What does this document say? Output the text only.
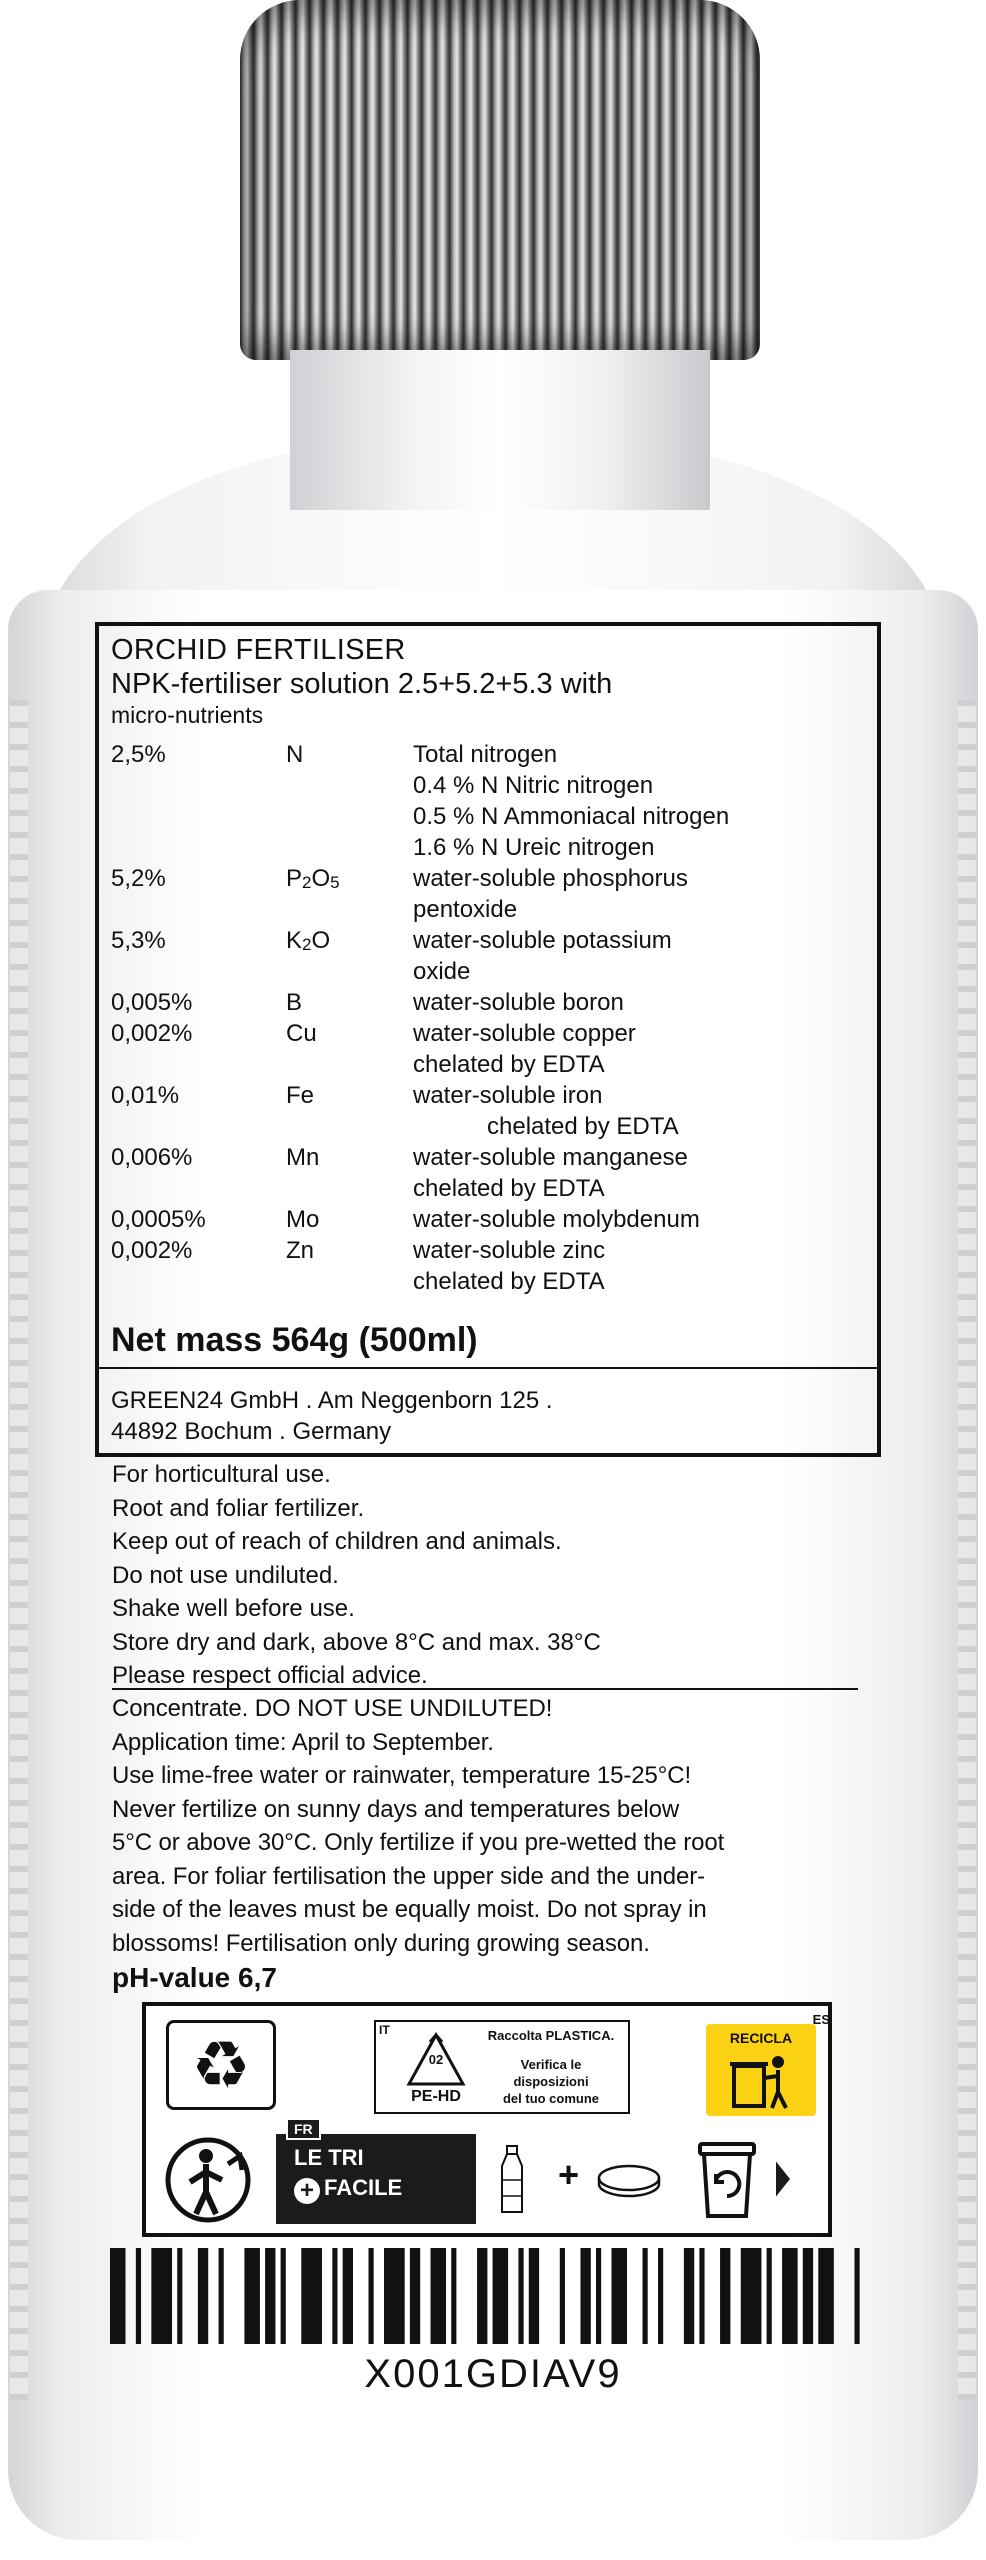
ORCHID FERTILISER
NPK-fertiliser solution 2.5+5.2+5.3 with
micro-nutrients
2,5%	N	Total nitrogen
0.4 % N Nitric nitrogen
0.5 % N Ammoniacal nitrogen
1.6 % N Ureic nitrogen
5,2%	$P_2O_5$	water-soluble phosphorus
pentoxide
5,3%	$K_2O$	water-soluble potassium
oxide
0,005%	B	water-soluble boron
0,002%	Cu	water-soluble copper
chelated by EDTA
0,01%	Fe	water-soluble iron
chelated by EDTA
0,006%	Mn	water-soluble manganese
chelated by EDTA
0,0005%	Mo	water-soluble molybdenum
0,002%	Zn	water-soluble zinc
chelated by EDTA
Net mass 564g (500ml)
GREEN24 GmbH . Am Neggenborn 125 .
44892 Bochum . Germany
For horticultural use.
Root and foliar fertilizer.
Keep out of reach of children and animals.
Do not use undiluted.
Shake well before use.
Store dry and dark, above 8°C and max. 38°C
Please respect official advice.
Concentrate. DO NOT USE UNDILUTED!
Application time: April to September.
Use lime-free water or rainwater, temperature 15-25°C!
Never fertilize on sunny days and temperatures below
5°C or above 30°C. Only fertilize if you pre-wetted the root
area. For foliar fertilisation the upper side and the under-
side of the leaves must be equally moist. Do not spray in
blossoms! Fertilisation only during growing season.
pH-value 6,7
♻	IT
02
PE-HD
Raccolta PLASTICA.
Verifica le
disposizioni
del tuo comune
ES
RECICLA
FR
LE TRI
+ FACILE	+
X001GDIAV9
